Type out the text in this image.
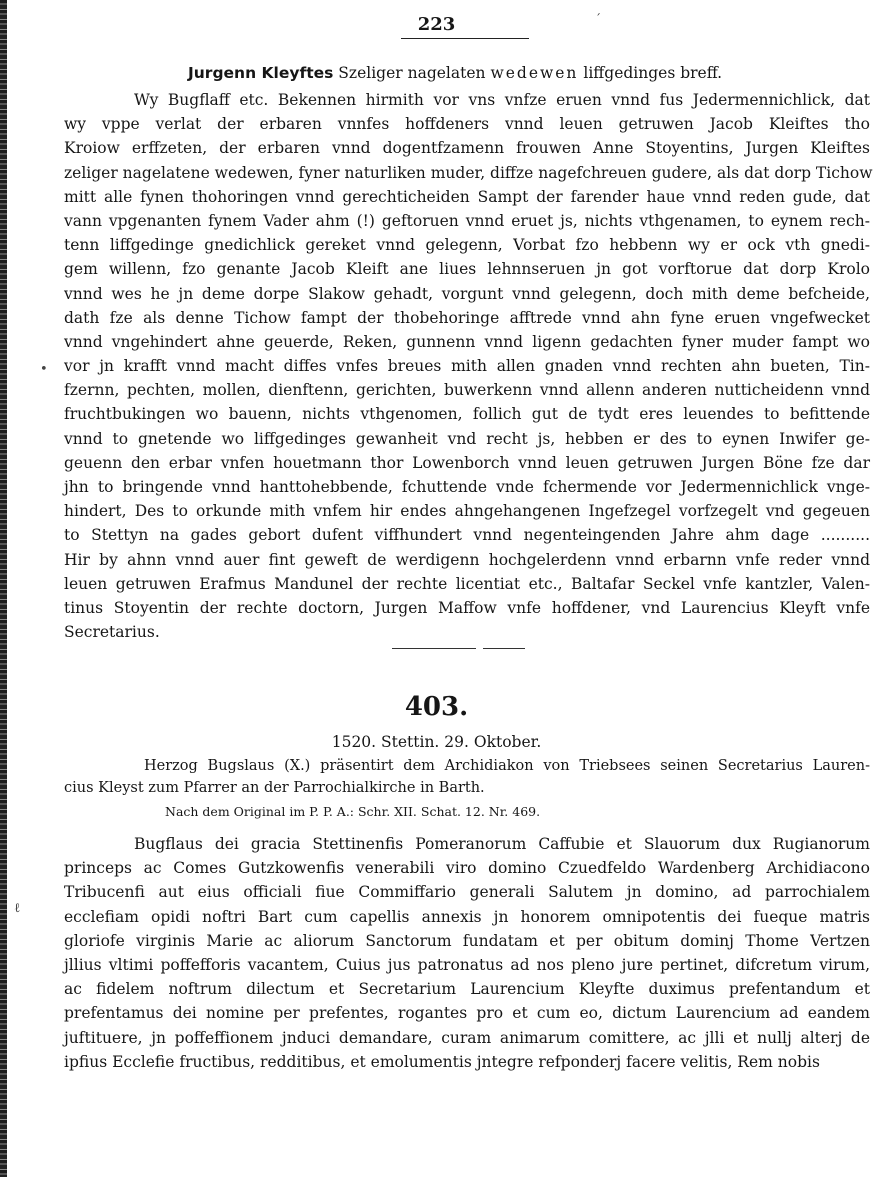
ˊ
223
Jurgenn Kleyftes Szeliger nagelaten wedewen liffgedinges breff.
Wy Bugflaff etc. Bekennen hirmith vor vns vnfze eruen vnnd fus Jedermennichlick, dat
wy vppe verlat der erbaren vnnfes hoffdeners vnnd leuen getruwen Jacob Kleiftes tho
Kroiow erffzeten, der erbaren vnnd dogentfzamenn frouwen Anne Stoyentins, Jurgen Kleiftes
zeliger nagelatene wedewen, fyner naturliken muder, diffze nagefchreuen gudere, als dat dorp Tichow
mitt alle fynen thohoringen vnnd gerechticheiden Sampt der farender haue vnnd reden gude, dat
vann vpgenanten fynem Vader ahm (!) geftoruen vnnd eruet js, nichts vthgenamen, to eynem rech-
tenn liffgedinge gnedichlick gereket vnnd gelegenn, Vorbat fzo hebbenn wy er ock vth gnedi-
gem willenn, fzo genante Jacob Kleift ane liues lehnnseruen jn got vorftorue dat dorp Krolo
vnnd wes he jn deme dorpe Slakow gehadt, vorgunt vnnd gelegenn, doch mith deme befcheide,
dath fze als denne Tichow fampt der thobehoringe afftrede vnnd ahn fyne eruen vngefwecket
vnnd vngehindert ahne geuerde, Reken, gunnenn vnnd ligenn gedachten fyner muder fampt wo
vor jn krafft vnnd macht diffes vnfes breues mith allen gnaden vnnd rechten ahn bueten, Tin-
fzernn, pechten, mollen, dienftenn, gerichten, buwerkenn vnnd allenn anderen nutticheidenn vnnd
fruchtbukingen wo bauenn, nichts vthgenomen, follich gut de tydt eres leuendes to befittende
vnnd to gnetende wo liffgedinges gewanheit vnd recht js, hebben er des to eynen Inwifer ge-
geuenn den erbar vnfen houetmann thor Lowenborch vnnd leuen getruwen Jurgen Böne fze dar
jhn to bringende vnnd hanttohebbende, fchuttende vnde fchermende vor Jedermennichlick vnge-
hindert, Des to orkunde mith vnfem hir endes ahngehangenen Ingefzegel vorfzegelt vnd gegeuen
to Stettyn na gades gebort dufent viffhundert vnnd negenteingenden Jahre ahm dage ..........
Hir by ahnn vnnd auer fint geweft de werdigenn hochgelerdenn vnnd erbarnn vnfe reder vnnd
leuen getruwen Erafmus Mandunel der rechte licentiat etc., Baltafar Seckel vnfe kantzler, Valen-
tinus Stoyentin der rechte doctorn, Jurgen Maffow vnfe hoffdener, vnd Laurencius Kleyft vnfe
Secretarius.
403.
1520. Stettin. 29. Oktober.
Herzog Bugslaus (X.) präsentirt dem Archidiakon von Triebsees seinen Secretarius Lauren-
cius Kleyst zum Pfarrer an der Parrochialkirche in Barth.
Nach dem Original im P. P. A.: Schr. XII. Schat. 12. Nr. 469.
Bugflaus dei gracia Stettinenfis Pomeranorum Caffubie et Slauorum dux Rugianorum
princeps ac Comes Gutzkowenfis venerabili viro domino Czuedfeldo Wardenberg Archidiacono
Tribucenfi aut eius officiali fiue Commiffario generali Salutem jn domino, ad parrochialem
ecclefiam opidi noftri Bart cum capellis annexis jn honorem omnipotentis dei fueque matris
gloriofe virginis Marie ac aliorum Sanctorum fundatam et per obitum dominj Thome Vertzen
jllius vltimi poffefforis vacantem, Cuius jus patronatus ad nos pleno jure pertinet, difcretum virum,
ac fidelem noftrum dilectum et Secretarium Laurencium Kleyfte duximus prefentandum et
prefentamus dei nomine per prefentes, rogantes pro et cum eo, dictum Laurencium ad eandem
juftituere, jn poffeffionem jnduci demandare, curam animarum comittere, ac jlli et nullj alterj de
ipfius Ecclefie fructibus, redditibus, et emolumentis jntegre refponderj facere velitis, Rem nobis
•
ℓ
